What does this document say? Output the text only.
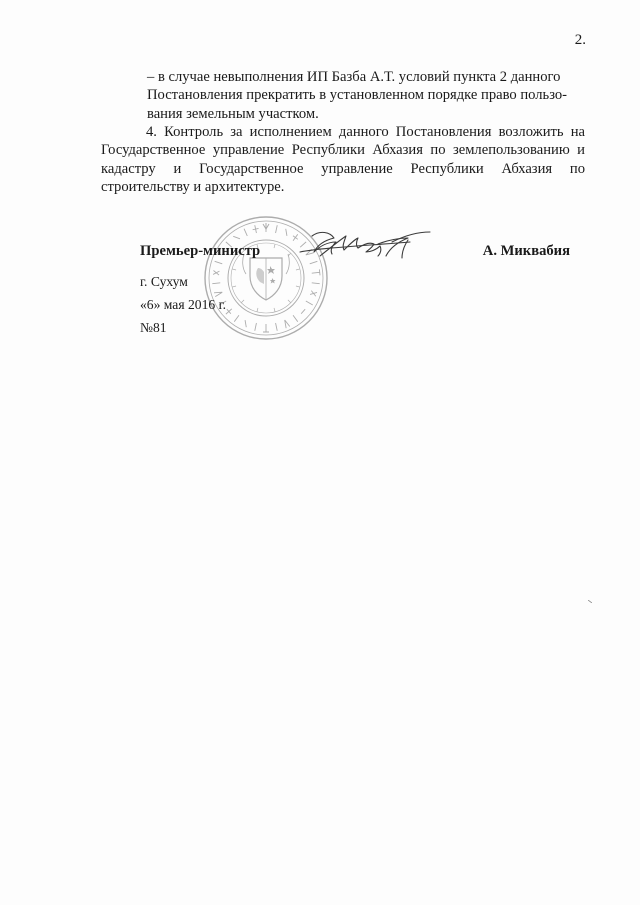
2.

– в случае невыполнения ИП Базба А.Т. условий пункта 2 данного

Постановления прекратить в установленном порядке право пользо-

вания земельным участком.

4. Контроль за исполнением данного Постановления возложить на Государственное управление Республики Абхазия по землепользованию и кадастру и Государственное управление Республики Абхазия по строительству и архитектуре.

Премьер-министр	А. Миквабия
г. Сухум
«6» мая 2016 г.
№81
